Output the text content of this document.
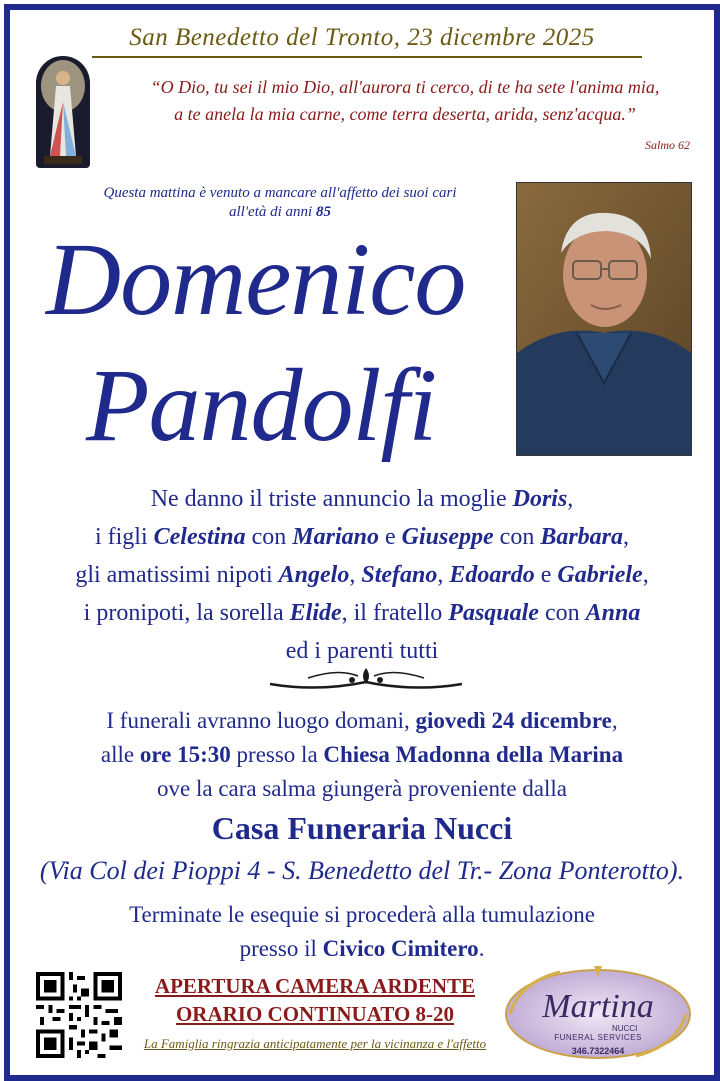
San Benedetto del Tronto, 23 dicembre 2025
“O Dio, tu sei il mio Dio, all'aurora ti cerco, di te ha sete l'anima mia,
a te anela la mia carne, come terra deserta, arida, senz'acqua.”
Salmo 62
Questa mattina è venuto a mancare all'affetto dei suoi cari
all'età di anni 85
Domenico
Pandolfi
Ne danno il triste annuncio la moglie Doris,
i figli Celestina con Mariano e Giuseppe con Barbara,
gli amatissimi nipoti Angelo, Stefano, Edoardo e Gabriele,
i pronipoti, la sorella Elide, il fratello Pasquale con Anna
ed i parenti tutti
I funerali avranno luogo domani, giovedì 24 dicembre,
alle ore 15:30 presso la Chiesa Madonna della Marina
ove la cara salma giungerà proveniente dalla
Casa Funeraria Nucci
(Via Col dei Pioppi 4 - S. Benedetto del Tr.- Zona Ponterotto).
Terminate le esequie si procederà alla tumulazione
presso il Civico Cimitero.
APERTURA CAMERA ARDENTE
ORARIO CONTINUATO 8-20
La Famiglia ringrazia anticipatamente per la vicinanza e l'affetto
Martina
NUCCI
FUNERAL SERVICES
346.7322464
